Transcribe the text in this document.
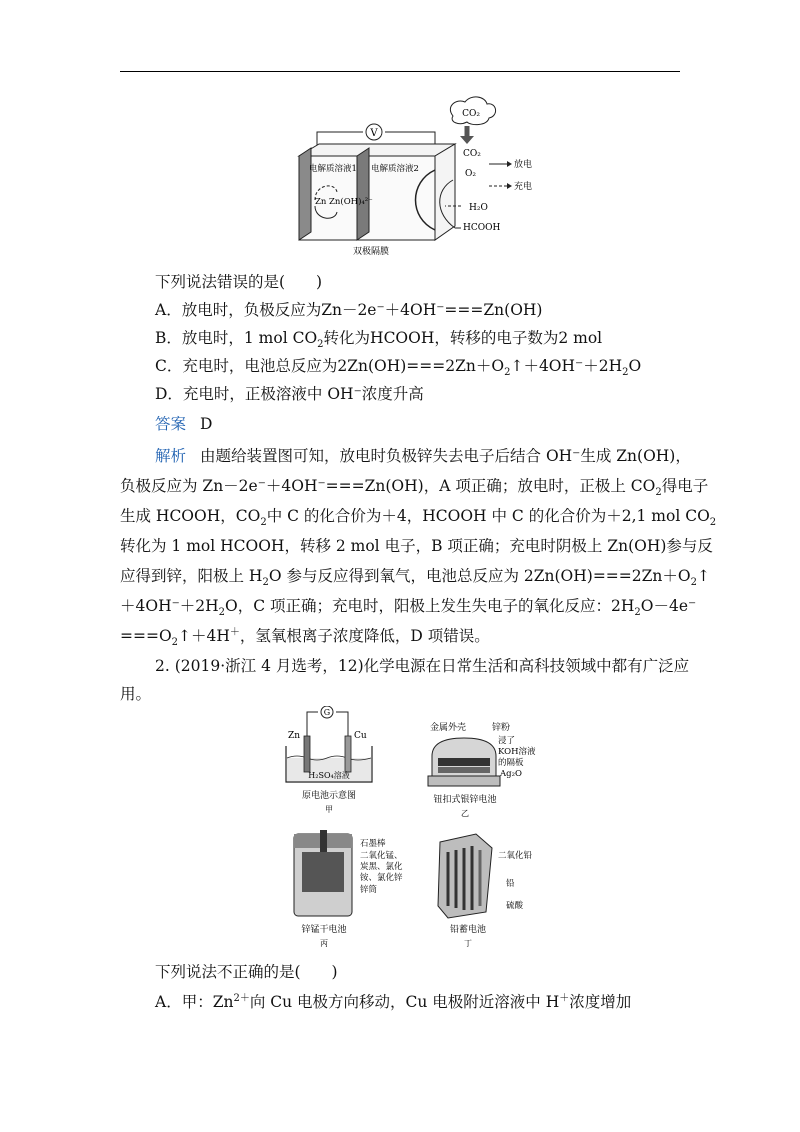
V
电解质溶液1 电解质溶液2
Zn Zn(OH)₄²⁻
CO₂
CO₂
O₂
H₂O
HCOOH
放电
充电
双极隔膜
下列说法错误的是(　　)
A．放电时，负极反应为Zn－2e⁻＋4OH⁻===Zn(OH)
B．放电时，1 mol $CO_2$转化为HCOOH，转移的电子数为2 mol
C．充电时，电池总反应为$2Zn(OH)===2Zn+O_2↑+4OH^-+2H_2O$
D．充电时，正极溶液中 OH⁻浓度升高
答案 D
解析 由题给装置图可知，放电时负极锌失去电子后结合 OH⁻生成 Zn(OH)，
负极反应为 Zn－2e⁻＋4OH⁻===Zn(OH)，A 项正确；放电时，正极上 $CO_2$得电子
生成 HCOOH，$CO_2$中 C 的化合价为＋4，HCOOH 中 C 的化合价为＋2,1 mol $CO_2$
转化为 1 mol HCOOH，转移 2 mol 电子，B 项正确；充电时阴极上 Zn(OH)参与反
应得到锌，阳极上 $H_2O$ 参与反应得到氧气，电池总反应为 $2Zn(OH)===2Zn+O_2↑$
$+4OH^-+2H_2O$，C 项正确；充电时，阳极上发生失电子的氧化反应：$2H_2O-4e^-$
$===O_2↑+4H^+$，氢氧根离子浓度降低，D 项错误。
2. (2019·浙江 4 月选考，12)化学电源在日常生活和高科技领域中都有广泛应
用。
G
Zn	Cu
H₂SO₄溶液
原电池示意图
甲
金属外壳	锌粉
浸了
KOH溶液
的隔板
Ag₂O
钮扣式银锌电池
乙
石墨棒
二氧化锰、
炭黑、氯化
铵、氯化锌
锌筒
锌锰干电池
丙
二氧化铅
铅
硫酸
铅蓄电池
丁
下列说法不正确的是(　　)
A．甲：$Zn^{2+}$向 Cu 电极方向移动，Cu 电极附近溶液中 H＋浓度增加
